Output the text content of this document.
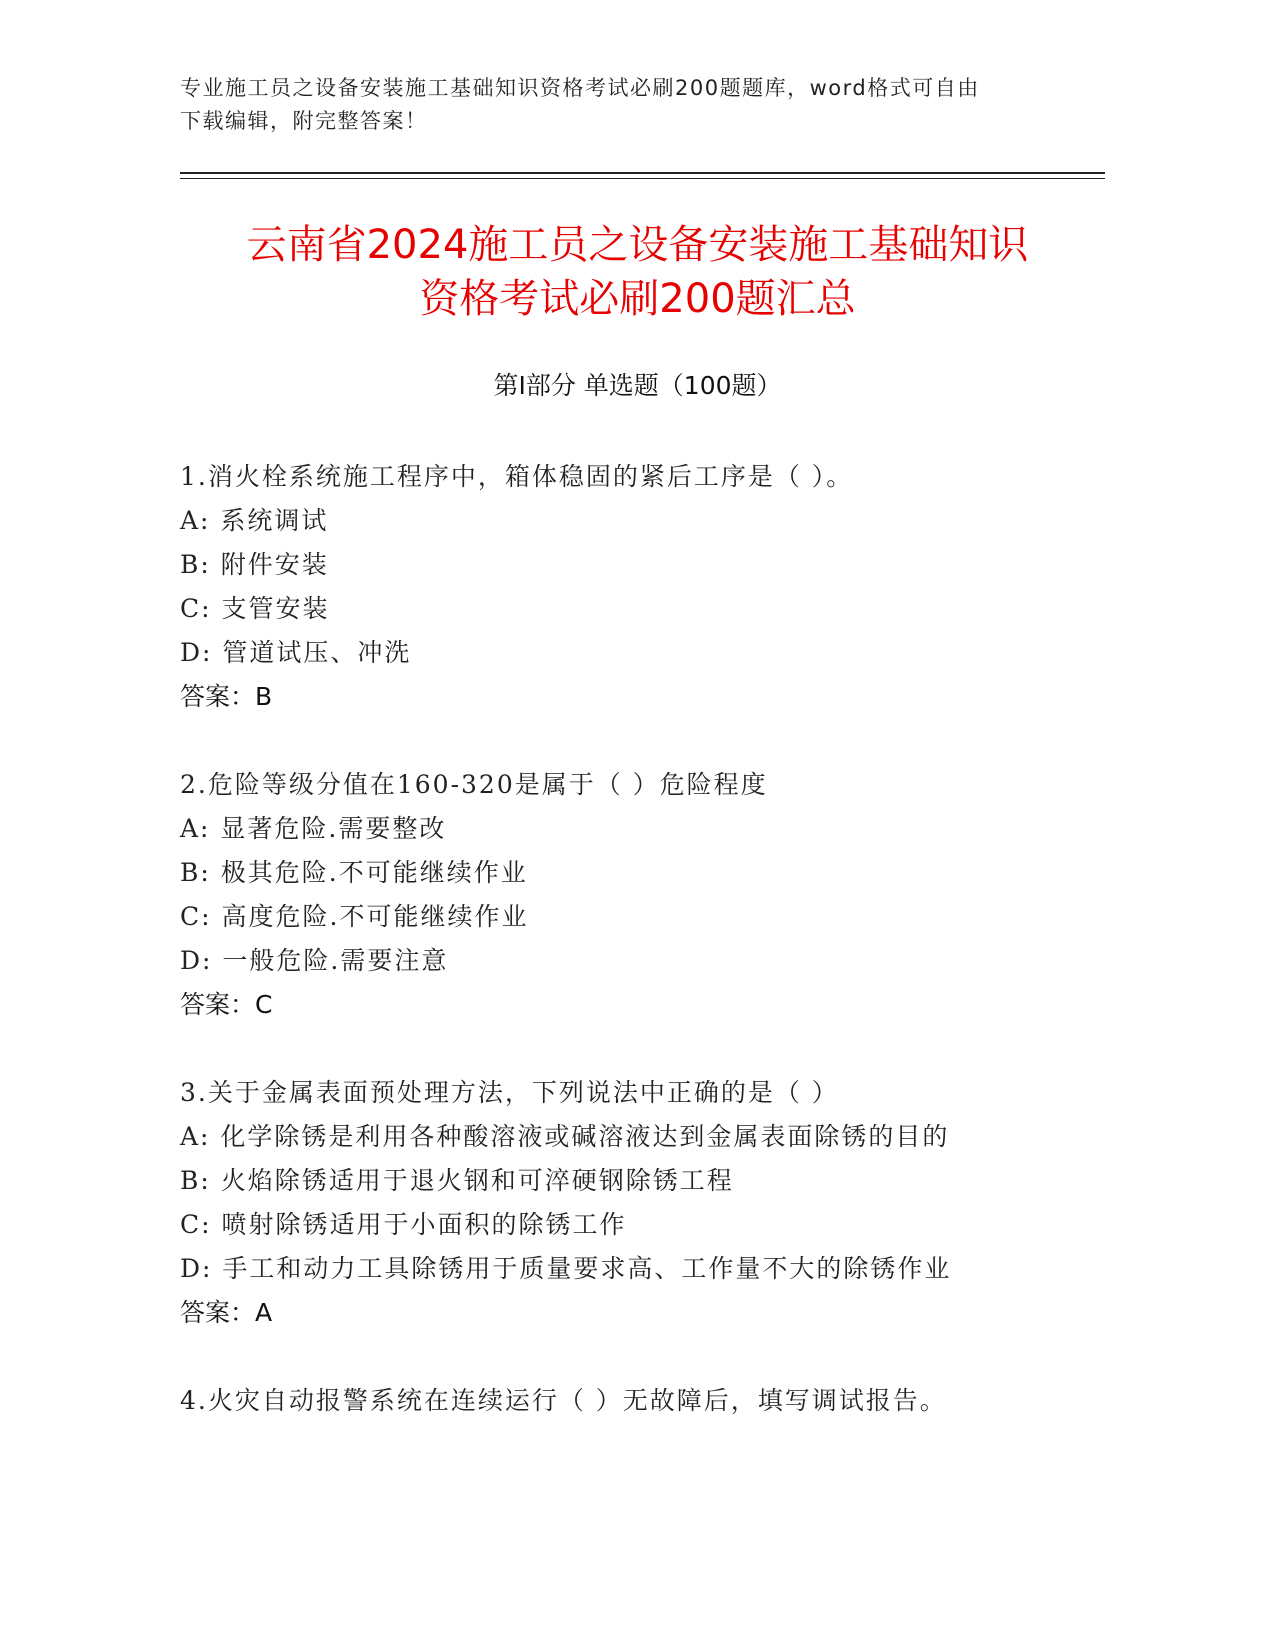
专业施工员之设备安装施工基础知识资格考试必刷200题题库，word格式可自由
下载编辑，附完整答案！
云南省2024施工员之设备安装施工基础知识
资格考试必刷200题汇总
第Ⅰ部分 单选题（100题）
1.消火栓系统施工程序中，箱体稳固的紧后工序是（ ）。
A: 系统调试
B: 附件安装
C: 支管安装
D: 管道试压、冲洗
答案：B
2.危险等级分值在160-320是属于（ ）危险程度
A: 显著危险.需要整改
B: 极其危险.不可能继续作业
C: 高度危险.不可能继续作业
D: 一般危险.需要注意
答案：C
3.关于金属表面预处理方法，下列说法中正确的是（ ）
A: 化学除锈是利用各种酸溶液或碱溶液达到金属表面除锈的目的
B: 火焰除锈适用于退火钢和可淬硬钢除锈工程
C: 喷射除锈适用于小面积的除锈工作
D: 手工和动力工具除锈用于质量要求高、工作量不大的除锈作业
答案：A
4.火灾自动报警系统在连续运行（ ）无故障后，填写调试报告。
